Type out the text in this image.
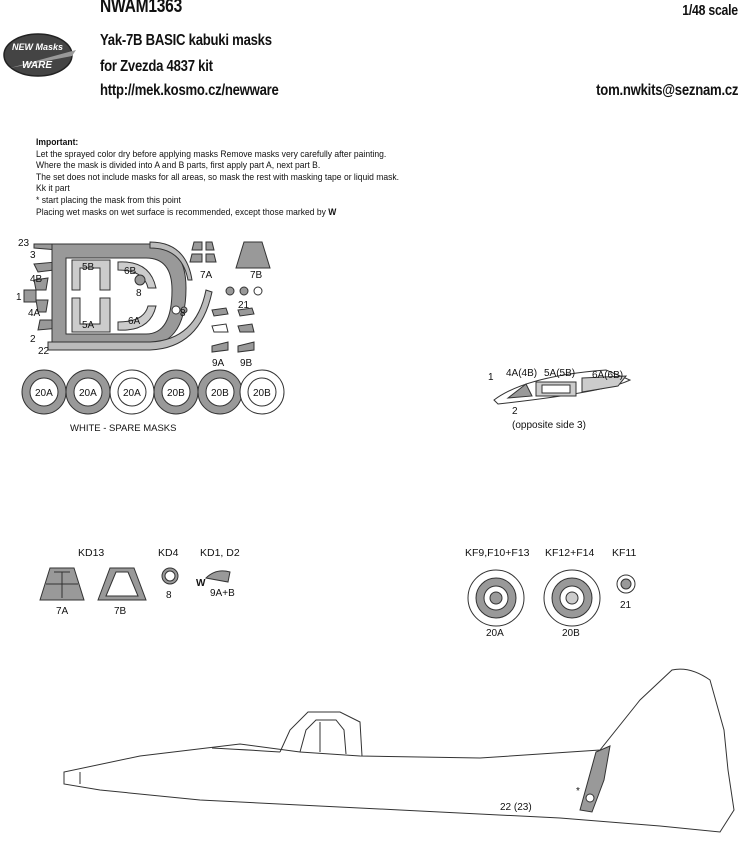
NEW Masks
WARE
NWAM1363	1/48 scale
Yak-7B BASIC kabuki masks
for Zvezda 4837 kit
http://mek.kosmo.cz/newware	tom.nwkits@seznam.cz
Important:
Let the sprayed color dry before applying masks Remove masks very carefully after painting.
Where the mask is divided into A and B parts, first apply part A, next part B.
The set does not include masks for all areas, so mask the rest with masking tape or liquid mask.
Kk it part
* start placing the mask from this point
Placing wet masks on wet surface is recommended, except those marked by W
23
3
4B
1
4A
2
22
5B	6B
8
5A	6A
8
7A	7B
21
9A 9B
20A	20A	20A	20B	20B 20B
WHITE - SPARE MASKS
1 4A(4B) 5A(5B) 6A(6B)
2
(opposite side 3)
KD13	KD4 KD1, D2	KF9,F10+F13 KF12+F14 KF11
7A	7B
8	9A+B
W
20A	20B
21
22 (23)
*
